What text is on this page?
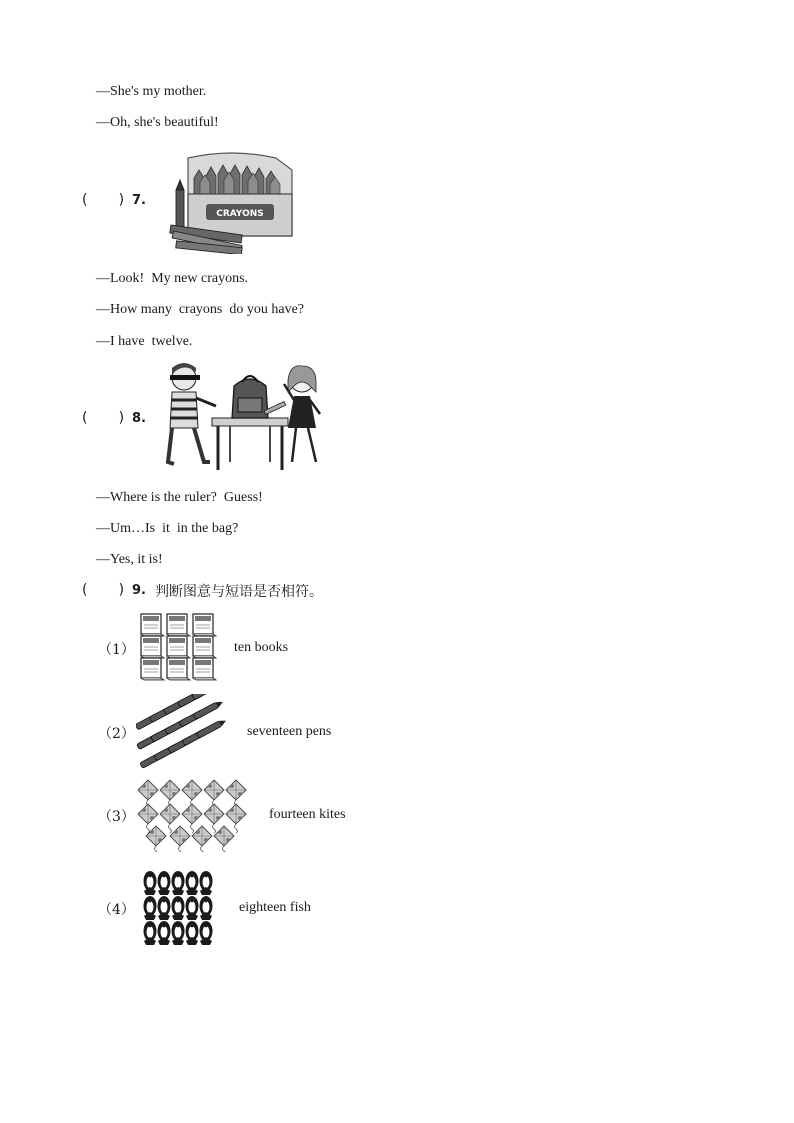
—She's my mother.
—Oh, she's beautiful!
(       ) 7.
CRAYONS
—Look!  My new crayons.
—How many  crayons  do you have?
—I have  twelve.
(       ) 8.
—Where is the ruler?  Guess!
—Um…Is  it  in the bag?
—Yes, it is!
(       ) 9. 判断图意与短语是否相符。
（1）	ten books
（2）	seventeen pens
（3）	fourteen kites
（4）	eighteen fish
